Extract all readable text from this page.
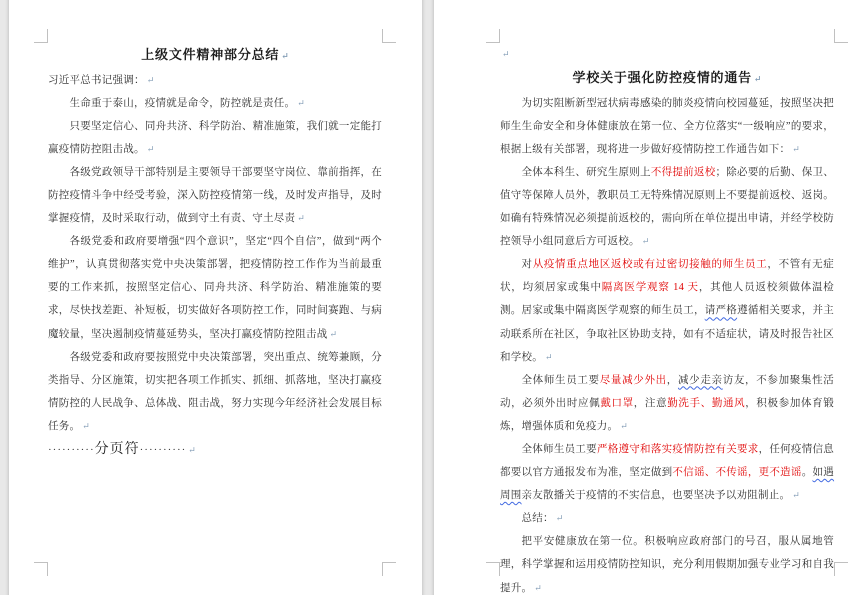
上级文件精神部分总结 ↵

习近平总书记强调： ↵

生命重于泰山，疫情就是命令，防控就是责任。 ↵

只要坚定信心、同舟共济、科学防治、精准施策，我们就一定能打赢疫情防控阻击战。 ↵

各级党政领导干部特别是主要领导干部要坚守岗位、靠前指挥，在防控疫情斗争中经受考验，深入防控疫情第一线，及时发声指导，及时掌握疫情，及时采取行动，做到守土有责、守土尽责 ↵

各级党委和政府要增强“四个意识”，坚定“四个自信”，做到“两个维护”，认真贯彻落实党中央决策部署，把疫情防控工作作为当前最重要的工作来抓，按照坚定信心、同舟共济、科学防治、精准施策的要求，尽快找差距、补短板，切实做好各项防控工作，同时间赛跑、与病魔较量，坚决遏制疫情蔓延势头，坚决打赢疫情防控阻击战 ↵

各级党委和政府要按照党中央决策部署，突出重点、统筹兼顾，分类指导、分区施策，切实把各项工作抓实、抓细、抓落地，坚决打赢疫情防控的人民战争、总体战、阻击战，努力实现今年经济社会发展目标任务。 ↵

··········分页符·········· ↵

↵
学校关于强化防控疫情的通告 ↵

为切实阻断新型冠状病毒感染的肺炎疫情向校园蔓延，按照坚决把师生生命安全和身体健康放在第一位、全方位落实“一级响应”的要求，根据上级有关部署，现将进一步做好疫情防控工作通告如下： ↵

全体本科生、研究生原则上不得提前返校；除必要的后勤、保卫、值守等保障人员外，教职员工无特殊情况原则上不要提前返校、返岗。如确有特殊情况必须提前返校的，需向所在单位提出申请，并经学校防控领导小组同意后方可返校。 ↵

对从疫情重点地区返校或有过密切接触的师生员工，不管有无症状，均须居家或集中隔离医学观察 14 天，其他人员返校须做体温检测。居家或集中隔离医学观察的师生员工，请严格遵循相关要求，并主动联系所在社区，争取社区协助支持，如有不适症状，请及时报告社区和学校。 ↵

全体师生员工要尽量减少外出，减少走亲访友，不参加聚集性活动，必须外出时应佩戴口罩，注意勤洗手、勤通风，积极参加体育锻炼，增强体质和免疫力。 ↵

全体师生员工要严格遵守和落实疫情防控有关要求，任何疫情信息都要以官方通报发布为准，坚定做到不信谣、不传谣，更不造谣。如遇周围亲友散播关于疫情的不实信息，也要坚决予以劝阻制止。 ↵

总结： ↵

把平安健康放在第一位。积极响应政府部门的号召，服从属地管理，科学掌握和运用疫情防控知识，充分利用假期加强专业学习和自我提升。 ↵
